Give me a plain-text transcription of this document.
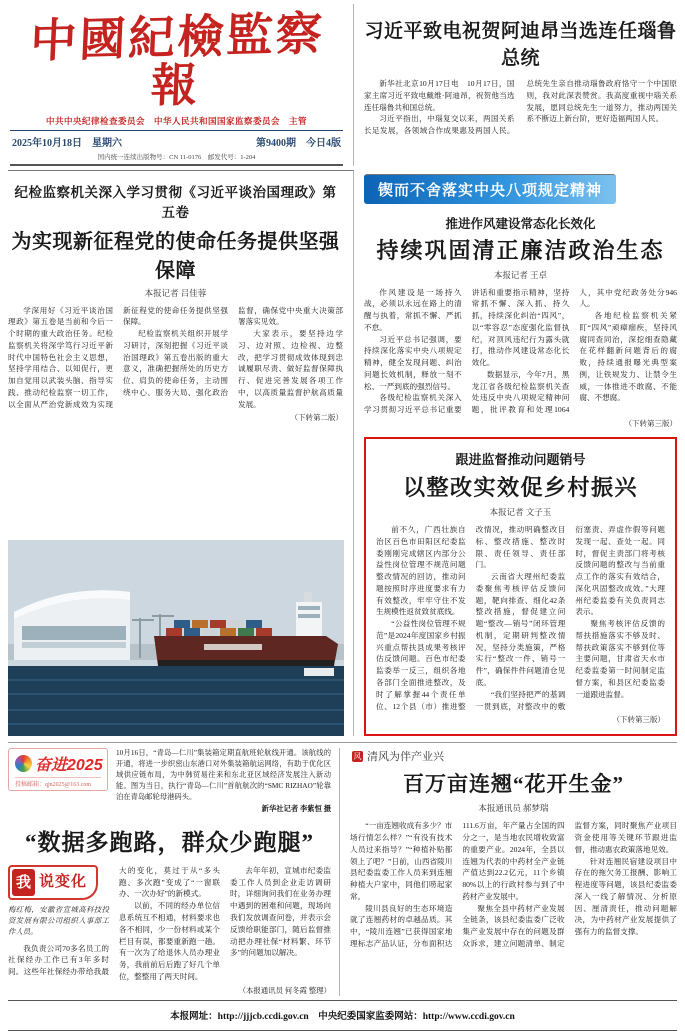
中國紀檢監察報
中共中央纪律检查委员会　中华人民共和国国家监察委员会　主管
2025年10月18日　星期六	第9400期　今日4版
国内统一连续出版物号：CN 11-0176　邮发代号：1-204
习近平致电祝贺阿迪昂当选连任瑙鲁总统

新华社北京10月17日电　10月17日，国家主席习近平致电戴维·阿迪昂，祝贺他当选连任瑙鲁共和国总统。

习近平指出，中瑙复交以来，两国关系长足发展，各领域合作成果惠及两国人民。总统先生亲自推动瑙鲁政府恪守一个中国原则，我对此深表赞赏。我高度重视中瑙关系发展，愿同总统先生一道努力，推动两国关系不断迈上新台阶，更好造福两国人民。

纪检监察机关深入学习贯彻《习近平谈治国理政》第五卷
为实现新征程党的使命任务提供坚强保障
本报记者 吕佳蓉

学深用好《习近平谈治国理政》第五卷是当前和今后一个时期的重大政治任务。纪检监察机关将深学笃行习近平新时代中国特色社会主义思想，坚持学用结合、以知促行，更加自觉用以武装头脑、指导实践、推动纪检监察一切工作，以全面从严治党新成效为实现新征程党的使命任务提供坚强保障。

纪检监察机关组织开展学习研讨，深刻把握《习近平谈治国理政》第五卷出版的重大意义，准确把握所处的历史方位、肩负的使命任务，主动围绕中心、服务大局、强化政治监督，确保党中央重大决策部署落实见效。

大家表示，要坚持边学习、边对照、边检视、边整改，把学习贯彻成效体现到忠诚履职尽责、做好监督保障执行、促进完善发展各项工作中，以高质量监督护航高质量发展。

（下转第二版）
锲而不舍落实中央八项规定精神
推进作风建设常态化长效化
持续巩固清正廉洁政治生态
本报记者 王卓

作风建设是一场持久战，必须以永远在路上的清醒与执着，常抓不懈、严抓不怠。

习近平总书记强调，要持续深化落实中央八项规定精神，健全发现问题、纠治问题长效机制，释放一刻不松、一严到底的强烈信号。

各级纪检监察机关深入学习贯彻习近平总书记重要讲话和重要指示精神，坚持常抓不懈、深入抓、持久抓，持续深化纠治“四风”，以“零容忍”态度强化监督执纪，对顶风违纪行为露头就打，推动作风建设常态化长效化。

数据显示，今年7月，黑龙江省各级纪检监察机关查处违反中央八项规定精神问题，批评教育和处理1064人，其中党纪政务处分946人。

各地纪检监察机关紧盯“四风”顽瘴痼疾，坚持风腐同查同治，深挖细查隐藏在花样翻新问题背后的腐败，持续通报曝光典型案例，让铁规发力、让禁令生威，一体推进不敢腐、不能腐、不想腐。

（下转第三版）
跟进监督推动问题销号
以整改实效促乡村振兴
本报记者 文子玉

前不久，广西壮族自治区百色市田阳区纪委监委刚刚完成辖区内部分公益性岗位管理不规范问题整改情况的回访，推动问题按照时序进度要求有力有效整改，牢牢守住不发生规模性返贫致贫底线。

“公益性岗位管理不规范”是2024年度国家乡村振兴重点帮扶县成果考核评估反馈问题。百色市纪委监委举一反三，组织各地各部门全面推进整改，及时了解掌握44个责任单位、12个县（市）推进整改情况，推动明确整改目标、整改措施、整改时限、责任领导、责任部门。

云南省大理州纪委监委聚焦考核评估反馈问题，靶向排查、细化42条整改措施，督促建立问题“整改—销号”闭环管理机制，定期研判整改情况，坚持分类施策，严格实行“整改一件、销号一件”，确保件件问题清仓见底。

“我们坚持把严的基调一贯到底，对整改中的敷衍塞责、弄虚作假等问题发现一起、查处一起。同时，督促主责部门将考核反馈问题的整改与当前重点工作的落实有效结合，深化巩固整改成效。”大理州纪委监委有关负责同志表示。

聚焦考核评估反馈的帮扶措施落实不够及时、帮扶政策落实不够到位等主要问题，甘肃省天水市纪委监委第一时间制定监督方案，和县区纪委监委一道跟进监督。

（下转第三版）
奋进2025
投稿邮箱：qjn2025@163.com
10月16日，“青岛—仁川”集装箱定期直航班轮航线开通。该航线的开通，将进一步织密山东港口对外集装箱航运网络，有助于优化区域供应链布局，为中韩贸易往来和东北亚区域经济发展注入新动能。图为当日，执行“青岛—仁川”首航航次的“SMC RIZHAO”轮靠泊在青岛邮轮母港码头。
新华社记者 李紫恒 摄
“数据多跑路，群众少跑腿”
我 说变化
梅红梅，安徽省宣城高科技投资发展有限公司组织人事部工作人员。

我负责公司70多名员工的社保经办工作已有3年多时间。这些年社保经办带给我最大的变化，莫过于从“多头跑、多次跑”变成了“一窗联办、一次办好”的新模式。

以前，不同的经办单位信息系统互不相通，材料要求也各不相同，少一份材料或某个栏目有误，都要重新跑一趟。有一次为了给退休人员办理业务，我前前后后跑了好几个单位，整整用了两天时间。

去年年初，宣城市纪委监委工作人员到企业走访调研时，详细询问我们在业务办理中遇到的困难和问题，现场向我们发放调查问卷，并表示会反馈给职能部门，随后监督推动把办理社保“材料繁、环节多”的问题加以解决。

（本报通讯员 何冬霞 整理）
风 清风为伴产业兴
百万亩连翘“花开生金”
本报通讯员 郝梦瑞

“一亩连翘收成有多少？市场行情怎么样？”“有没有技术人员过来指导？”“种植补贴都领上了吧？”日前，山西省陵川县纪委监委工作人员来到连翘种植大户家中，同他们唠起家常。

陵川县良好的生态环境造就了连翘药材的卓越品质。其中，“陵川连翘”已获得国家地理标志产品认证，分布面积达111.6万亩，年产量占全国的四分之一，是当地农民增收致富的重要产业。2024年，全县以连翘为代表的中药材全产业链产值达到22.2亿元，11个乡镇80%以上的行政村参与到了中药材产业发展中。

聚焦全县中药材产业发展全链条，该县纪委监委广泛收集产业发展中存在的问题及群众诉求，建立问题清单、制定监督方案，同时聚焦产业项目资金使用等关键环节跟进监督，推动惠农政策落地见效。

针对连翘民宿建设项目中存在的拖欠务工报酬、影响工程进度等问题，该县纪委监委深入一线了解情况、分析原因、厘清责任，推动问题解决，为中药材产业发展提供了强有力的监督支撑。

本报网址：http://jjjcb.ccdi.gov.cn　中央纪委国家监委网站：http://www.ccdi.gov.cn
